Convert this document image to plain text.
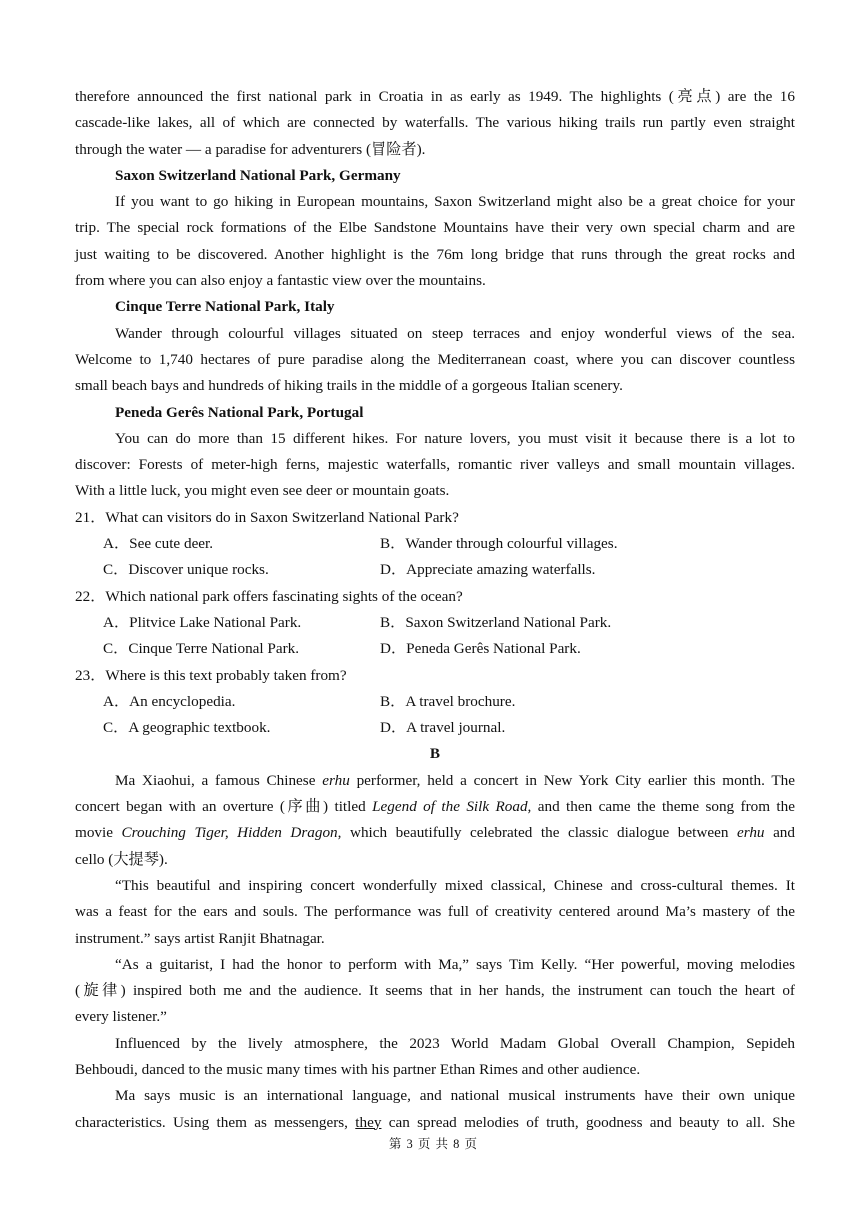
therefore announced the first national park in Croatia in as early as 1949. The highlights (亮点) are the 16
cascade-like lakes, all of which are connected by waterfalls. The various hiking trails run partly even straight
through the water — a paradise for adventurers (冒险者).
Saxon Switzerland National Park, Germany
If you want to go hiking in European mountains, Saxon Switzerland might also be a great choice for your
trip. The special rock formations of the Elbe Sandstone Mountains have their very own special charm and are
just waiting to be discovered. Another highlight is the 76m long bridge that runs through the great rocks and
from where you can also enjoy a fantastic view over the mountains.
Cinque Terre National Park, Italy
Wander through colourful villages situated on steep terraces and enjoy wonderful views of the sea.
Welcome to 1,740 hectares of pure paradise along the Mediterranean coast, where you can discover countless
small beach bays and hundreds of hiking trails in the middle of a gorgeous Italian scenery.
Peneda Gerês National Park, Portugal
You can do more than 15 different hikes. For nature lovers, you must visit it because there is a lot to
discover: Forests of meter-high ferns, majestic waterfalls, romantic river valleys and small mountain villages.
With a little luck, you might even see deer or mountain goats.
21．What can visitors do in Saxon Switzerland National Park?
A．See cute deer.	B．Wander through colourful villages.
C．Discover unique rocks.	D．Appreciate amazing waterfalls.
22．Which national park offers fascinating sights of the ocean?
A．Plitvice Lake National Park.	B．Saxon Switzerland National Park.
C．Cinque Terre National Park.	D．Peneda Gerês National Park.
23．Where is this text probably taken from?
A．An encyclopedia.	B．A travel brochure.
C．A geographic textbook.	D．A travel journal.
B
Ma Xiaohui, a famous Chinese erhu performer, held a concert in New York City earlier this month. The
concert began with an overture (序曲) titled Legend of the Silk Road, and then came the theme song from the
movie Crouching Tiger, Hidden Dragon, which beautifully celebrated the classic dialogue between erhu and
cello (大提琴).
“This beautiful and inspiring concert wonderfully mixed classical, Chinese and cross-cultural themes. It
was a feast for the ears and souls. The performance was full of creativity centered around Ma’s mastery of the
instrument.” says artist Ranjit Bhatnagar.
“As a guitarist, I had the honor to perform with Ma,” says Tim Kelly. “Her powerful, moving melodies
(旋律) inspired both me and the audience. It seems that in her hands, the instrument can touch the heart of
every listener.”
Influenced by the lively atmosphere, the 2023 World Madam Global Overall Champion, Sepideh
Behboudi, danced to the music many times with his partner Ethan Rimes and other audience.
Ma says music is an international language, and national musical instruments have their own unique
characteristics. Using them as messengers, they can spread melodies of truth, goodness and beauty to all. She
第 3 页 共 8 页
